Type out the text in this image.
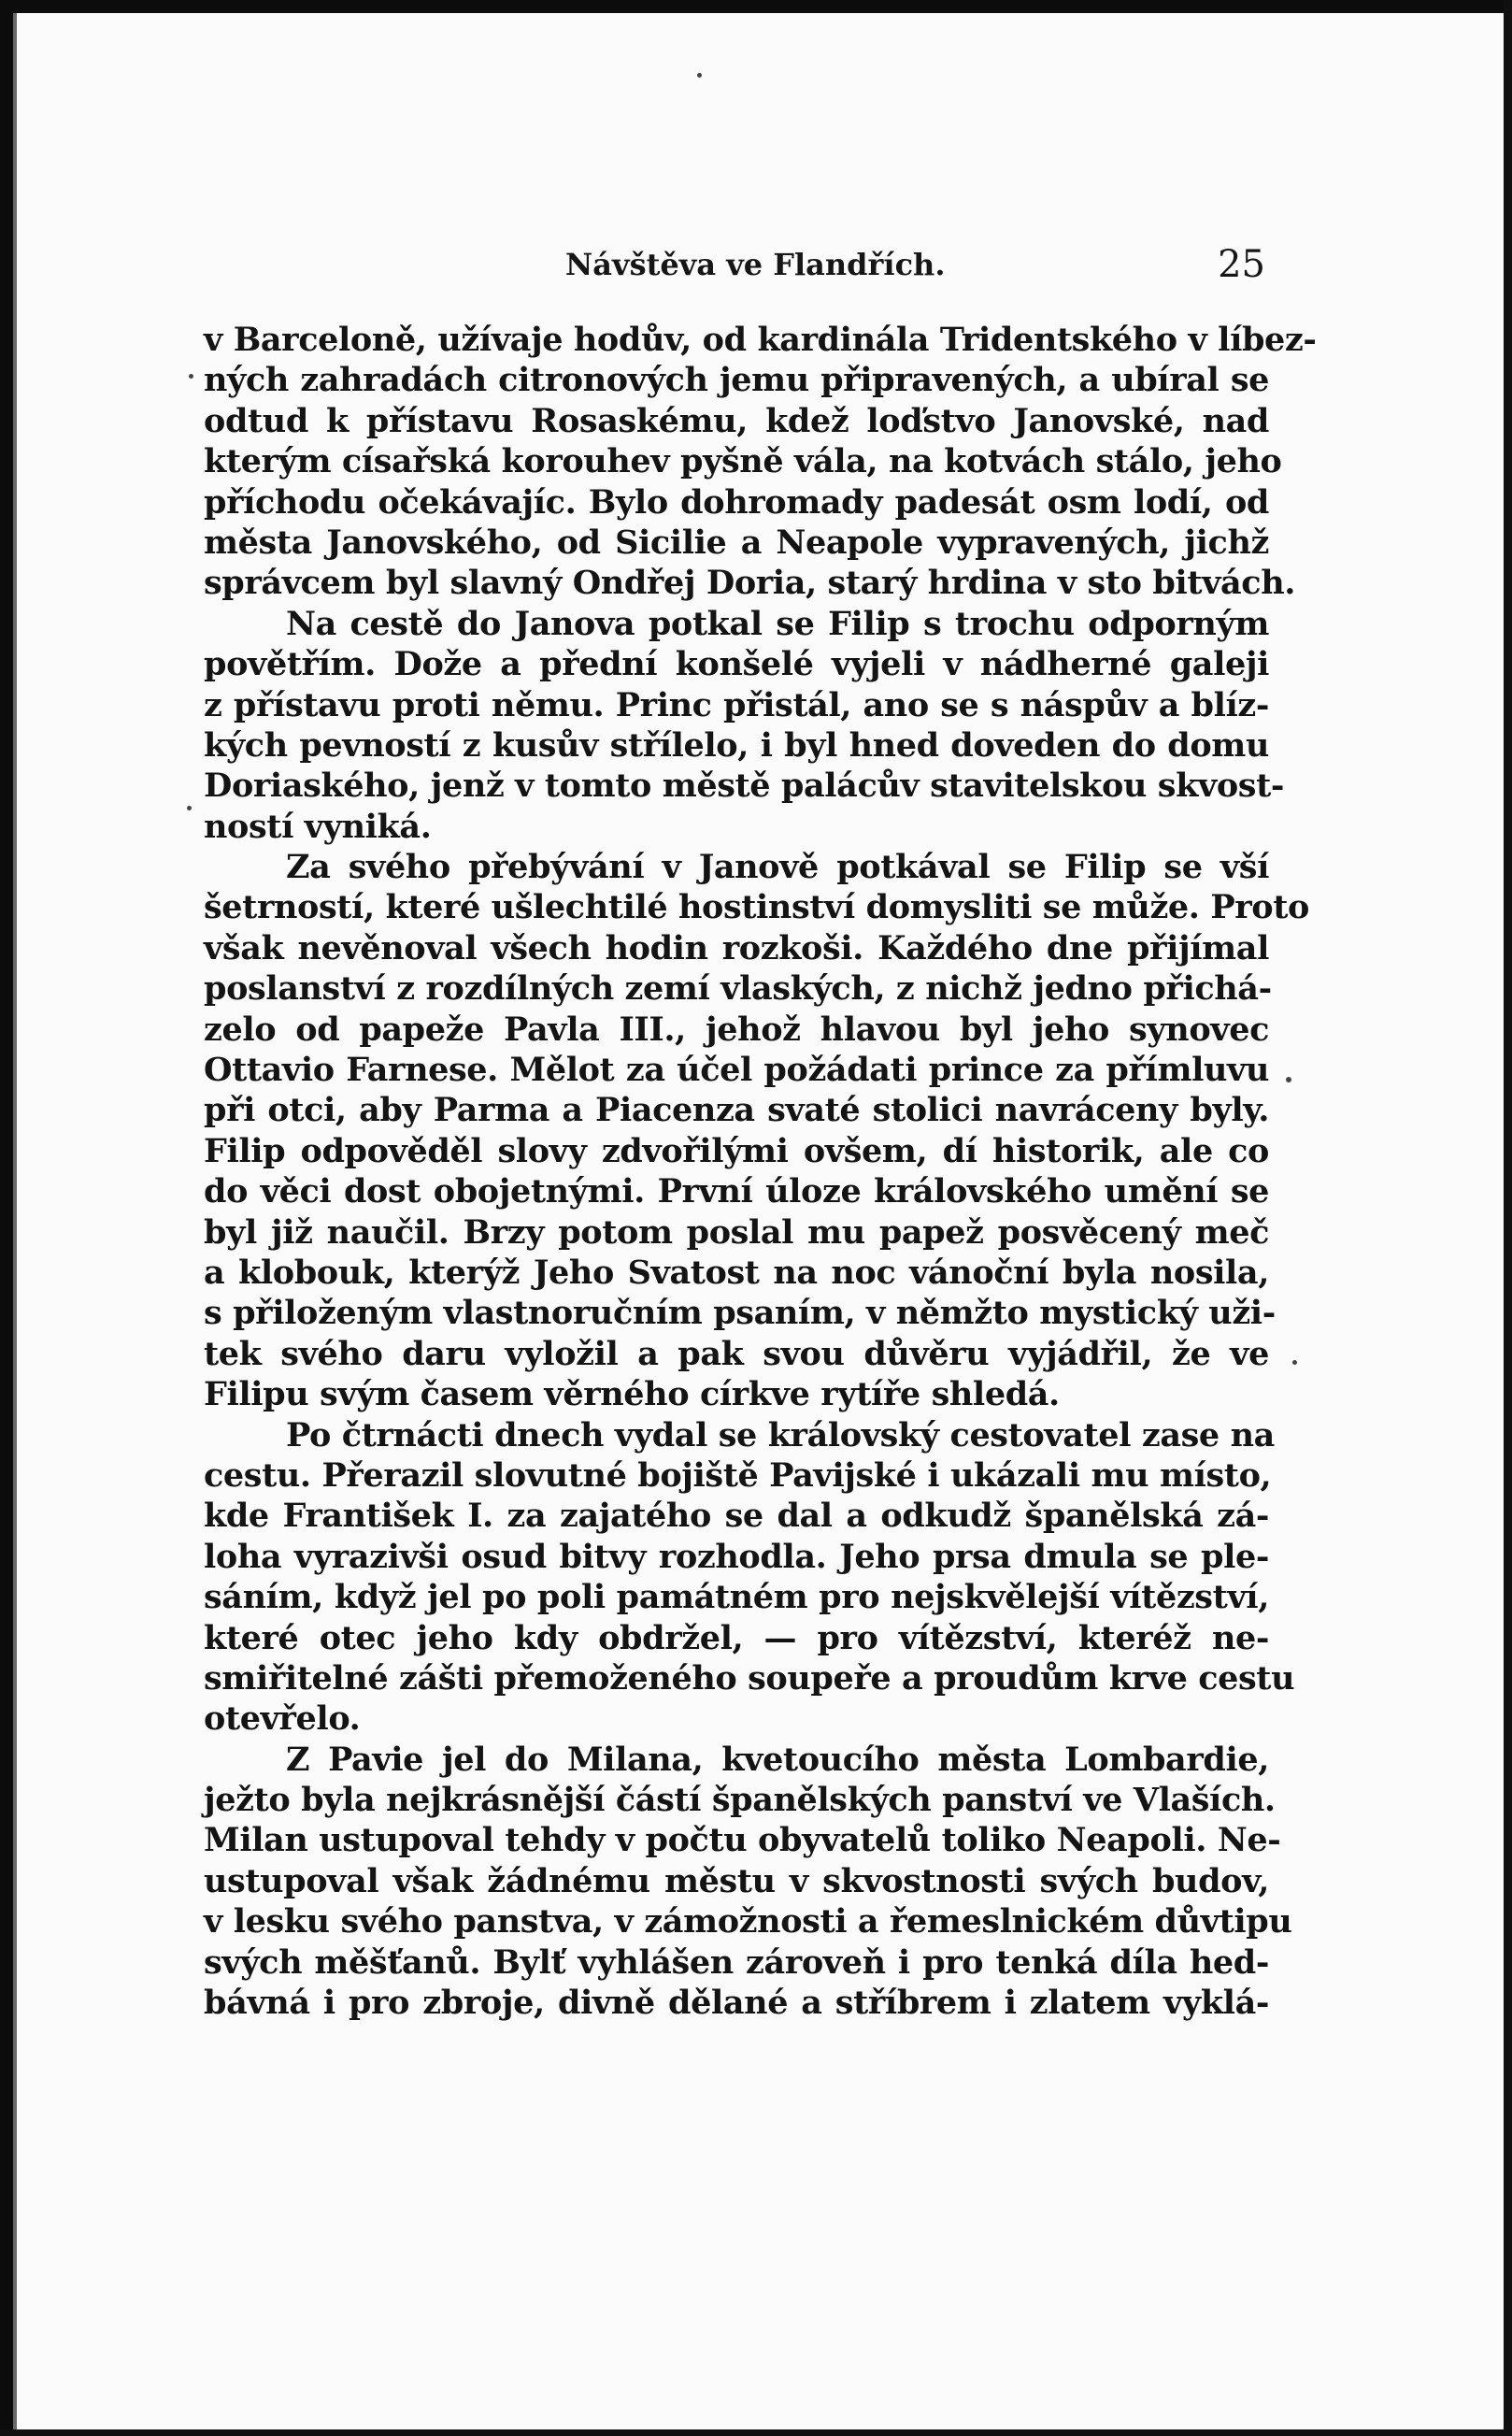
Návštěva ve Flandřích.	25
v Barceloně, užívaje hodův, od kardinála Tridentského v líbez-
ných zahradách citronových jemu připravených, a ubíral se
odtud k přístavu Rosaskému, kdež loďstvo Janovské, nad
kterým císařská korouhev pyšně vála, na kotvách stálo, jeho
příchodu očekávajíc. Bylo dohromady padesát osm lodí, od
města Janovského, od Sicilie a Neapole vypravených, jichž
správcem byl slavný Ondřej Doria, starý hrdina v sto bitvách.
Na cestě do Janova potkal se Filip s trochu odporným
povětřím. Dože a přední konšelé vyjeli v nádherné galeji
z přístavu proti němu. Princ přistál, ano se s náspův a blíz-
kých pevností z kusův střílelo, i byl hned doveden do domu
Doriaského, jenž v tomto městě palácův stavitelskou skvost-
ností vyniká.
Za svého přebývání v Janově potkával se Filip se vší
šetrností, které ušlechtilé hostinství domysliti se může. Proto
však nevěnoval všech hodin rozkoši. Každého dne přijímal
poslanství z rozdílných zemí vlaských, z nichž jedno přichá-
zelo od papeže Pavla III., jehož hlavou byl jeho synovec
Ottavio Farnese. Mělot za účel požádati prince za přímluvu
při otci, aby Parma a Piacenza svaté stolici navráceny byly.
Filip odpověděl slovy zdvořilými ovšem, dí historik, ale co
do věci dost obojetnými. První úloze královského umění se
byl již naučil. Brzy potom poslal mu papež posvěcený meč
a klobouk, kterýž Jeho Svatost na noc vánoční byla nosila,
s přiloženým vlastnoručním psaním, v němžto mystický uži-
tek svého daru vyložil a pak svou důvěru vyjádřil, že ve
Filipu svým časem věrného církve rytíře shledá.
Po čtrnácti dnech vydal se královský cestovatel zase na
cestu. Přerazil slovutné bojiště Pavijské i ukázali mu místo,
kde František I. za zajatého se dal a odkudž španělská zá-
loha vyrazivši osud bitvy rozhodla. Jeho prsa dmula se ple-
sáním, když jel po poli památném pro nejskvělejší vítězství,
které otec jeho kdy obdržel, — pro vítězství, kteréž ne-
smiřitelné zášti přemoženého soupeře a proudům krve cestu
otevřelo.
Z Pavie jel do Milana, kvetoucího města Lombardie,
ježto byla nejkrásnější částí španělských panství ve Vlaších.
Milan ustupoval tehdy v počtu obyvatelů toliko Neapoli. Ne-
ustupoval však žádnému městu v skvostnosti svých budov,
v lesku svého panstva, v zámožnosti a řemeslnickém důvtipu
svých měšťanů. Bylť vyhlášen zároveň i pro tenká díla hed-
bávná i pro zbroje, divně dělané a stříbrem i zlatem vyklá-
